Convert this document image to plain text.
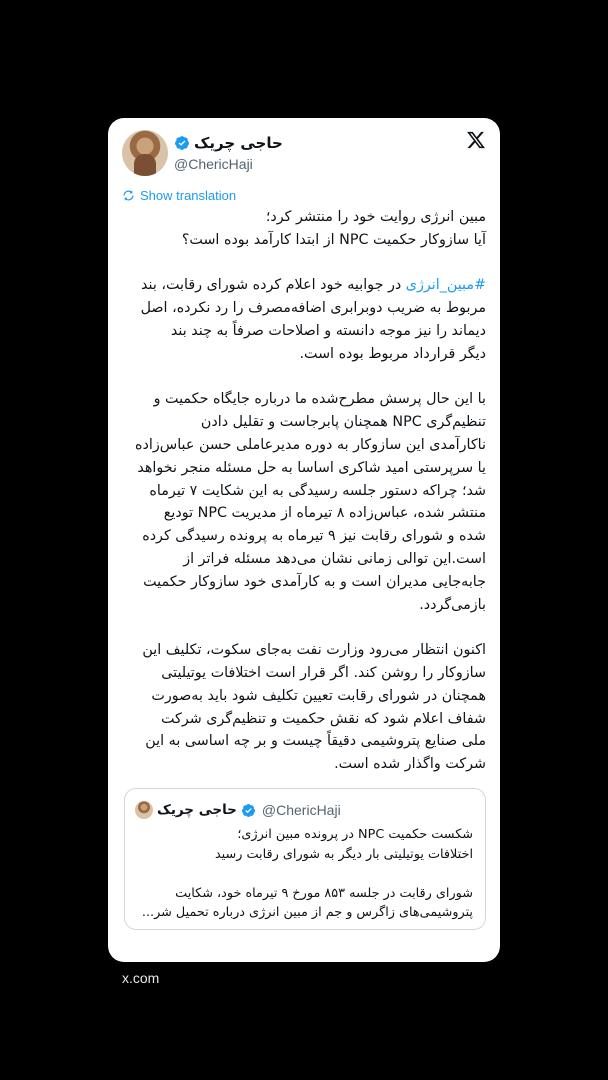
حاجی چریک
@ChericHaji
Show translation

مبین انرژی روایت خود را منتشر کرد؛
آیا سازوکار حکمیت NPC از ابتدا کارآمد بوده است؟

#مبین_انرژی در جوابیه خود اعلام کرده شورای رقابت، بند
مربوط به ضریب دوبرابری اضافه‌مصرف را رد نکرده، اصل
دیماند را نیز موجه دانسته و اصلاحات صرفاً به چند بند
دیگر قرارداد مربوط بوده است.

با این حال پرسش مطرح‌شده ما درباره جایگاه حکمیت و
تنظیم‌گری NPC همچنان پابرجاست و تقلیل دادن
ناکارآمدی این سازوکار به دوره مدیرعاملی حسن عباس‌زاده
یا سرپرستی امید شاکری اساسا به حل مسئله منجر نخواهد
شد؛ چراکه دستور جلسه رسیدگی به این شکایت ۷ تیرماه
منتشر شده، عباس‌زاده ۸ تیرماه از مدیریت NPC تودیع
شده و شورای رقابت نیز ۹ تیرماه به پرونده رسیدگی کرده
است.این توالی زمانی نشان می‌دهد مسئله فراتر از
جابه‌جایی مدیران است و به کارآمدی خود سازوکار حکمیت
بازمی‌گردد.

اکنون انتظار می‌رود وزارت نفت به‌جای سکوت، تکلیف این
سازوکار را روشن کند. اگر قرار است اختلافات یوتیلیتی
همچنان در شورای رقابت تعیین تکلیف شود باید به‌صورت
شفاف اعلام شود که نقش حکمیت و تنظیم‌گری شرکت
ملی صنایع پتروشیمی دقیقاً چیست و بر چه اساسی به این
شرکت واگذار شده است.

حاجی چریک @ChericHaji

شکست حکمیت NPC در پرونده مبین انرژی؛
اختلافات یوتیلیتی بار دیگر به شورای رقابت رسید

شورای رقابت در جلسه ۸۵۳ مورخ ۹ تیرماه خود، شکایت
پتروشیمی‌های زاگرس و جم از مبین انرژی درباره تحمیل شر...

x.com
